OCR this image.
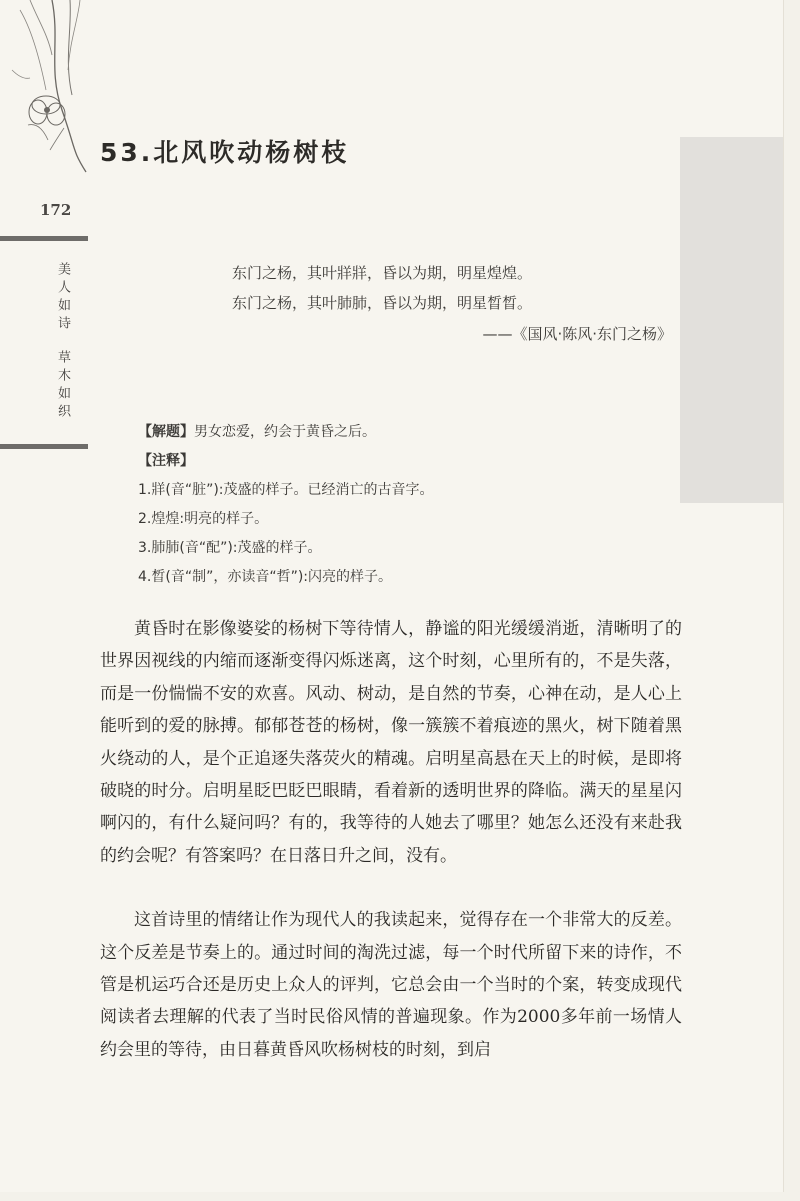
53.北风吹动杨树枝
172
美人如诗
草木如织
东门之杨，其叶牂牂，昏以为期，明星煌煌。
东门之杨，其叶肺肺，昏以为期，明星晳晳。
——《国风·陈风·东门之杨》
【解题】男女恋爱，约会于黄昏之后。
【注释】
1.牂(音“脏”):茂盛的样子。已经消亡的古音字。
2.煌煌:明亮的样子。
3.肺肺(音“配”):茂盛的样子。
4.晳(音“制”，亦读音“哲”):闪亮的样子。

黄昏时在影像婆娑的杨树下等待情人，静谧的阳光缓缓消逝，清晰明了的世界因视线的内缩而逐渐变得闪烁迷离，这个时刻，心里所有的，不是失落，而是一份惴惴不安的欢喜。风动、树动，是自然的节奏，心神在动，是人心上能听到的爱的脉搏。郁郁苍苍的杨树，像一簇簇不着痕迹的黑火，树下随着黑火绕动的人，是个正追逐失落荧火的精魂。启明星高悬在天上的时候，是即将破晓的时分。启明星眨巴眨巴眼睛，看着新的透明世界的降临。满天的星星闪啊闪的，有什么疑问吗？有的，我等待的人她去了哪里？她怎么还没有来赴我的约会呢？有答案吗？在日落日升之间，没有。

这首诗里的情绪让作为现代人的我读起来，觉得存在一个非常大的反差。这个反差是节奏上的。通过时间的淘洗过滤，每一个时代所留下来的诗作，不管是机运巧合还是历史上众人的评判，它总会由一个当时的个案，转变成现代阅读者去理解的代表了当时民俗风情的普遍现象。作为2000多年前一场情人约会里的等待，由日暮黄昏风吹杨树枝的时刻，到启
